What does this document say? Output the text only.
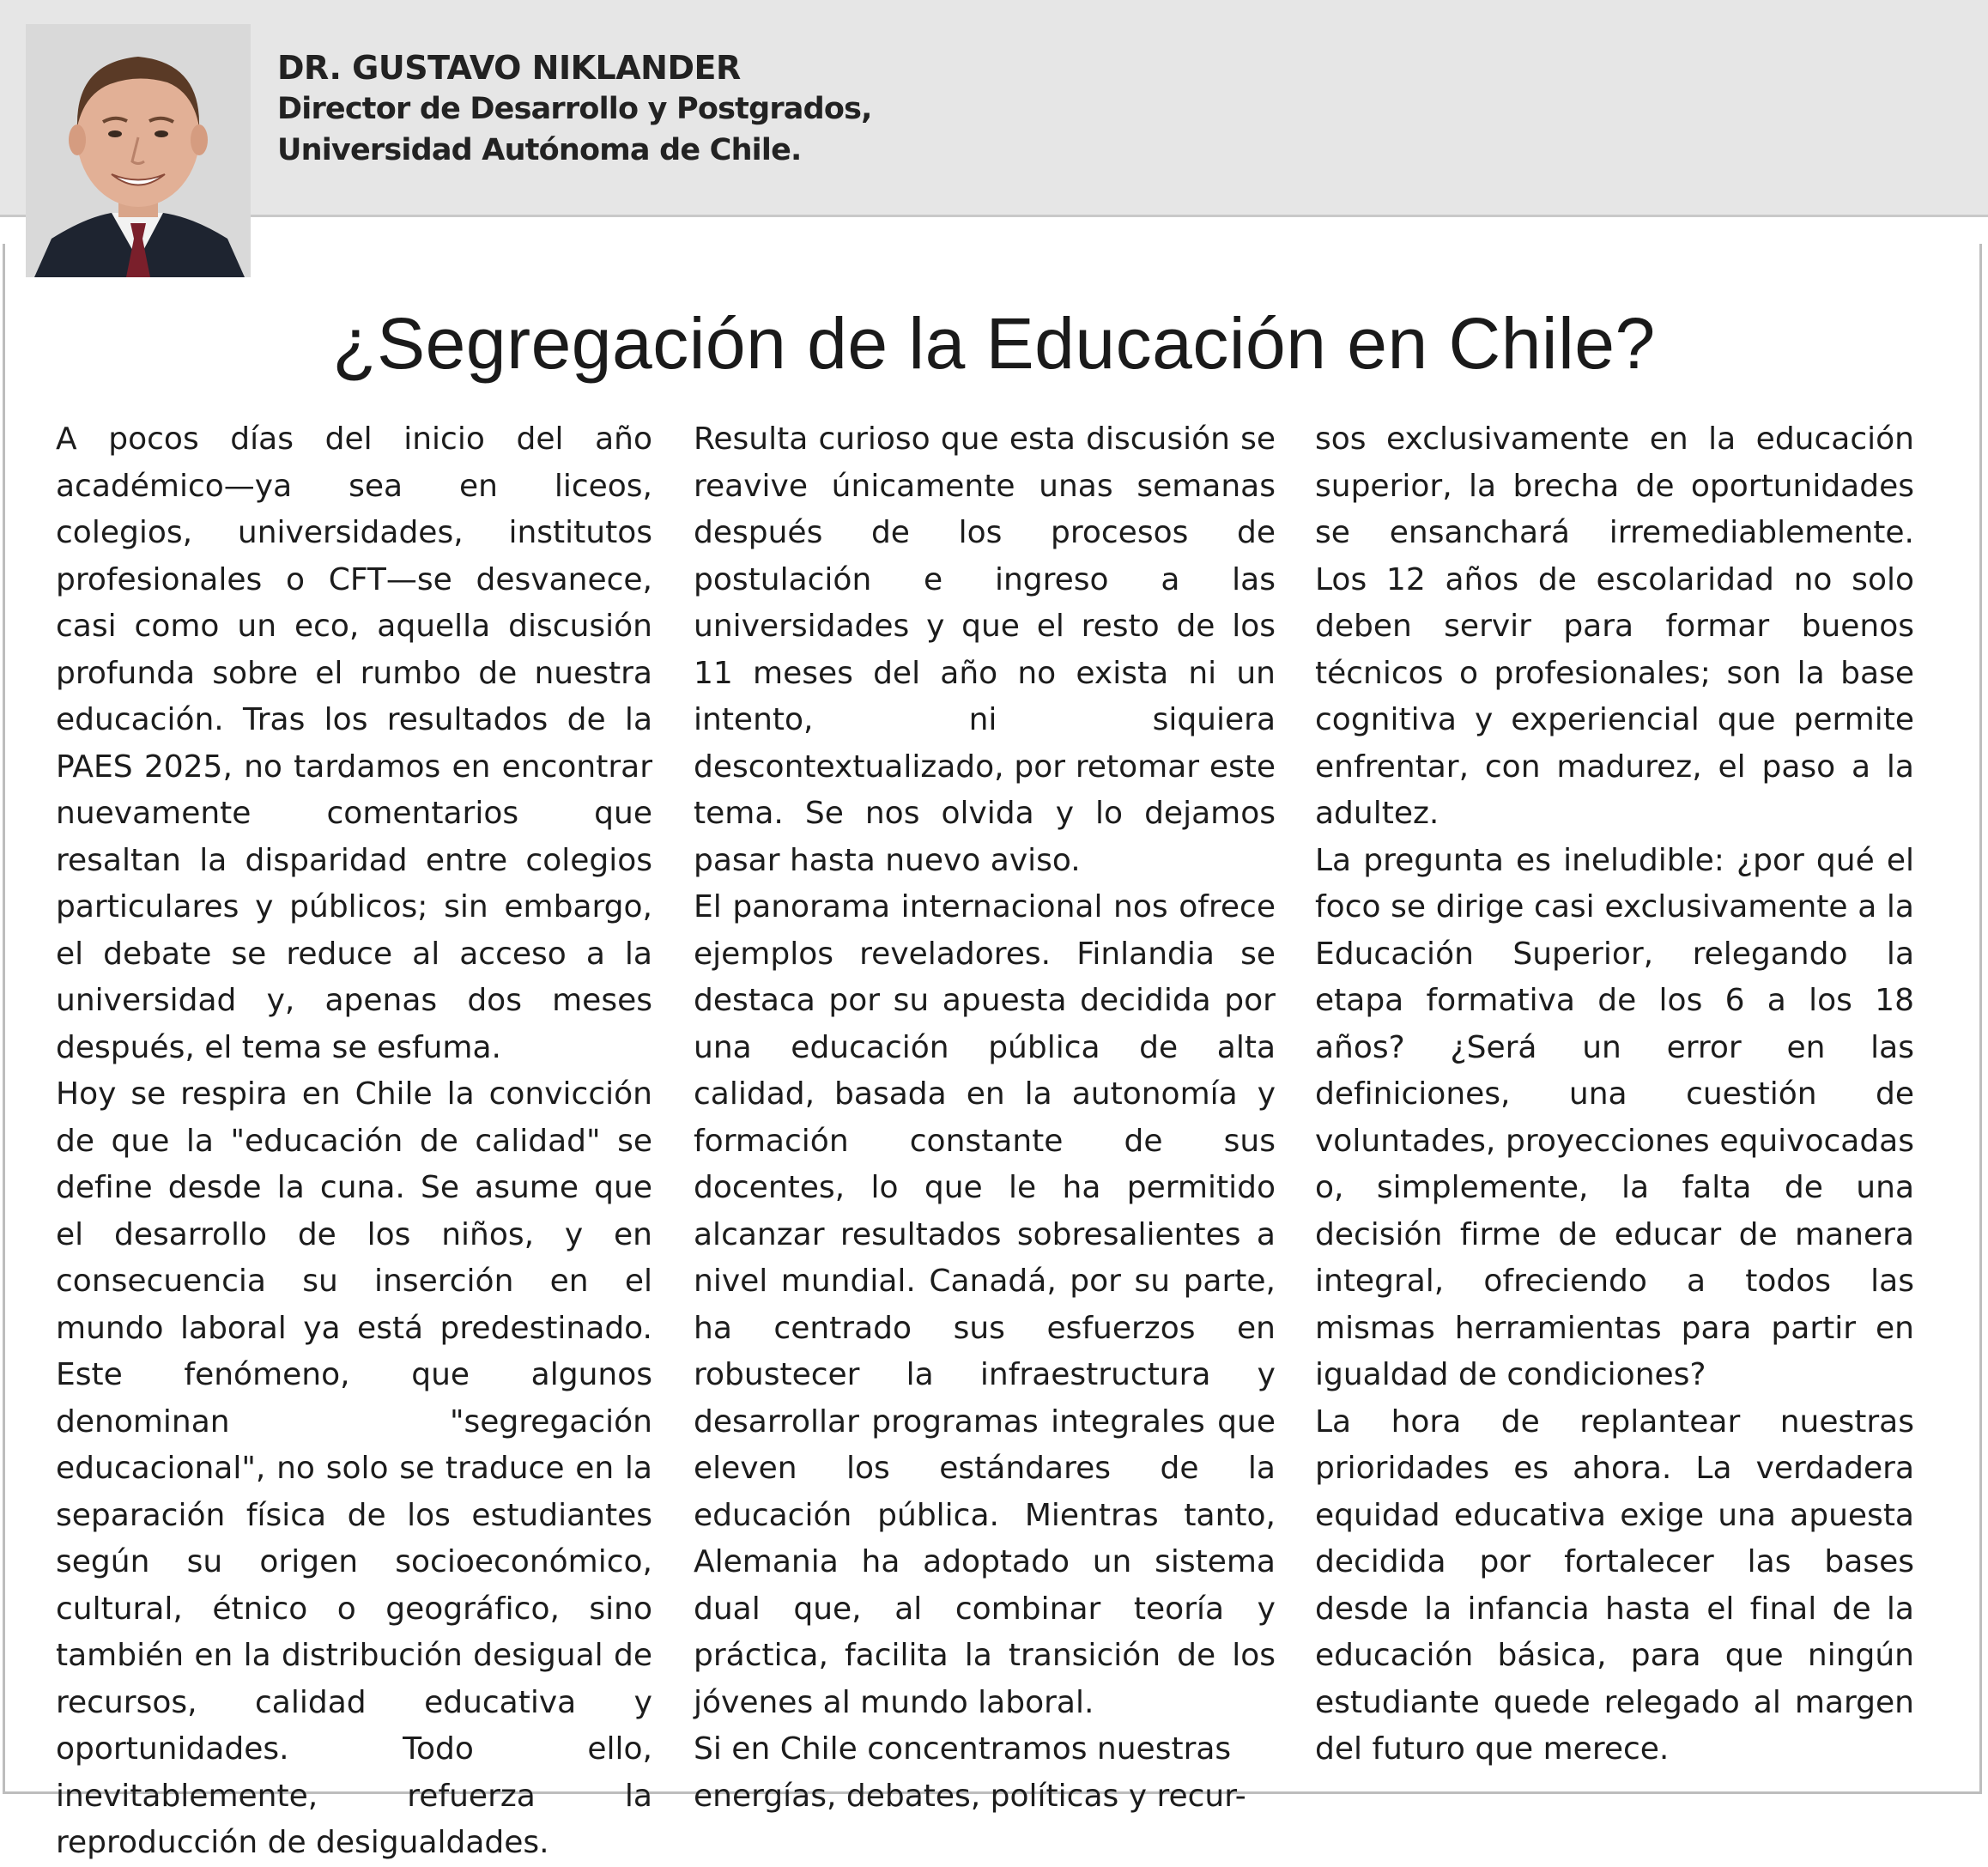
DR. GUSTAVO NIKLANDER
Director de Desarrollo y Postgrados,
Universidad Autónoma de Chile.
¿Segregación de la Educación en Chile?

A pocos días del inicio del año académico—ya sea en liceos, colegios, universidades, institutos profesionales o CFT—se desvanece, casi como un eco, aquella discusión profunda sobre el rumbo de nuestra educación. Tras los resultados de la PAES 2025, no tardamos en encontrar nuevamente comentarios que resaltan la disparidad entre colegios particulares y públicos; sin embargo, el debate se reduce al acceso a la universidad y, apenas dos meses después, el tema se esfuma.

Hoy se respira en Chile la convicción de que la "educación de calidad" se define desde la cuna. Se asume que el desarrollo de los niños, y en consecuencia su inserción en el mundo laboral ya está predestinado. Este fenómeno, que algunos denominan "segregación educacional", no solo se traduce en la separación física de los estudiantes según su origen socioeconómico, cultural, étnico o geográfico, sino también en la distribución desigual de recursos, calidad educativa y oportunidades. Todo ello, inevitablemente, refuerza la reproducción de desigualdades.

Resulta curioso que esta discusión se reavive únicamente unas semanas después de los procesos de postulación e ingreso a las universidades y que el resto de los 11 meses del año no exista ni un intento, ni siquiera descontextualizado, por retomar este tema. Se nos olvida y lo dejamos pasar hasta nuevo aviso.

El panorama internacional nos ofrece ejemplos reveladores. Finlandia se destaca por su apuesta decidida por una educación pública de alta calidad, basada en la autonomía y formación constante de sus docentes, lo que le ha permitido alcanzar resultados sobresalientes a nivel mundial. Canadá, por su parte, ha centrado sus esfuerzos en robustecer la infraestructura y desarrollar programas integrales que eleven los estándares de la educación pública. Mientras tanto, Alemania ha adoptado un sistema dual que, al combinar teoría y práctica, facilita la transición de los jóvenes al mundo laboral.

Si en Chile concentramos nuestras energías, debates, políticas y recur-

sos exclusivamente en la educación superior, la brecha de oportunidades se ensanchará irremediablemente. Los 12 años de escolaridad no solo deben servir para formar buenos técnicos o profesionales; son la base cognitiva y experiencial que permite enfrentar, con madurez, el paso a la adultez.

La pregunta es ineludible: ¿por qué el foco se dirige casi exclusivamente a la Educación Superior, relegando la etapa formativa de los 6 a los 18 años? ¿Será un error en las definiciones, una cuestión de voluntades, proyecciones equivocadas o, simplemente, la falta de una decisión firme de educar de manera integral, ofreciendo a todos las mismas herramientas para partir en igualdad de condiciones?

La hora de replantear nuestras prioridades es ahora. La verdadera equidad educativa exige una apuesta decidida por fortalecer las bases desde la infancia hasta el final de la educación básica, para que ningún estudiante quede relegado al margen del futuro que merece.
